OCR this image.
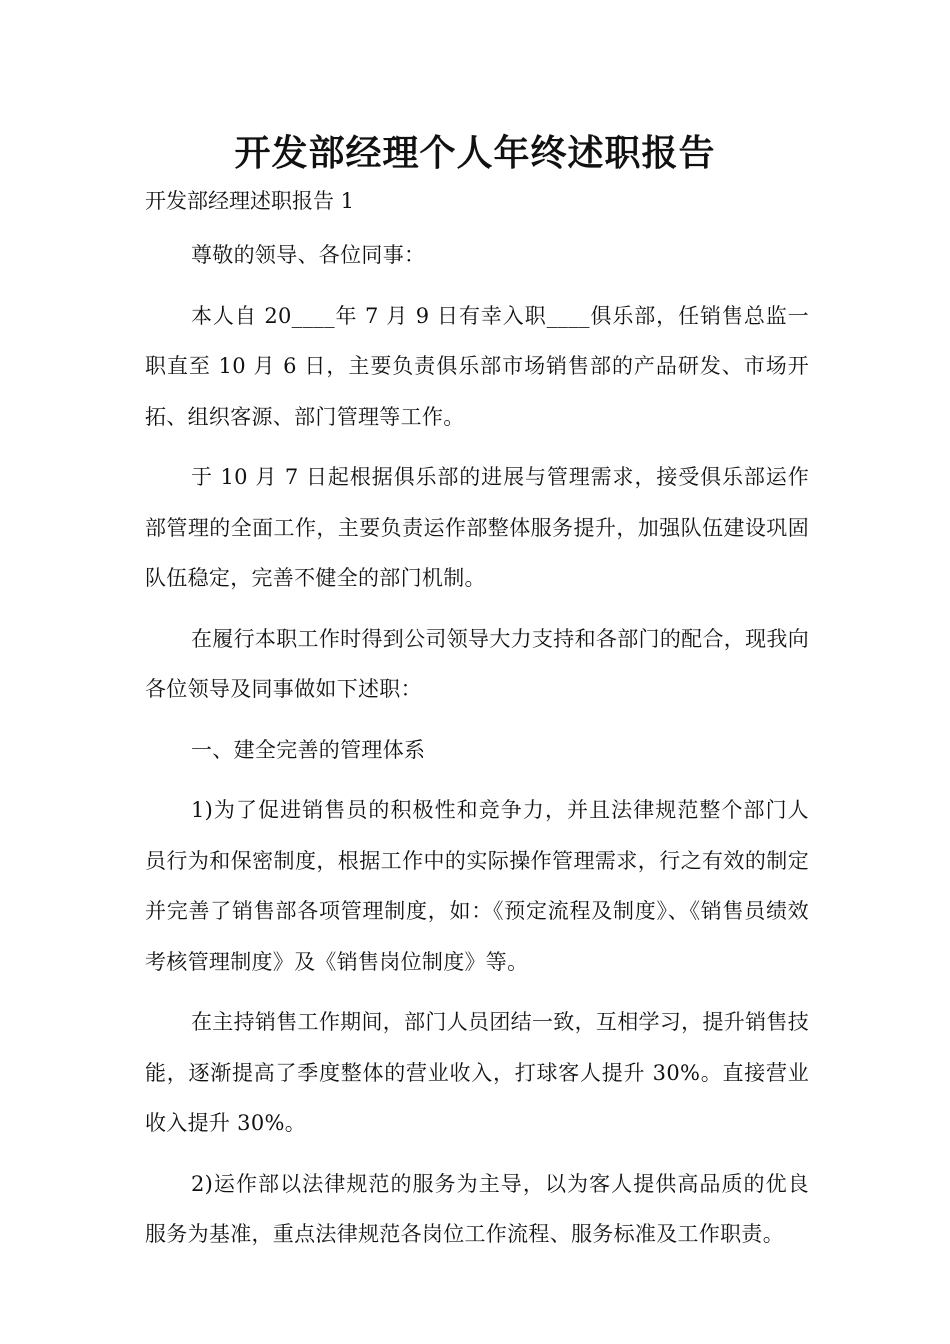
开发部经理个人年终述职报告
开发部经理述职报告 1

尊敬的领导、各位同事：

本人自 20____年 7 月 9 日有幸入职____俱乐部，任销售总监一职直至 10 月 6 日，主要负责俱乐部市场销售部的产品研发、市场开拓、组织客源、部门管理等工作。

于 10 月 7 日起根据俱乐部的进展与管理需求，接受俱乐部运作部管理的全面工作，主要负责运作部整体服务提升，加强队伍建设巩固队伍稳定，完善不健全的部门机制。

在履行本职工作时得到公司领导大力支持和各部门的配合，现我向各位领导及同事做如下述职：

一、建全完善的管理体系

1)为了促进销售员的积极性和竞争力，并且法律规范整个部门人员行为和保密制度，根据工作中的实际操作管理需求，行之有效的制定并完善了销售部各项管理制度，如：《预定流程及制度》、《销售员绩效考核管理制度》及《销售岗位制度》等。

在主持销售工作期间，部门人员团结一致，互相学习，提升销售技能，逐渐提高了季度整体的营业收入，打球客人提升 30%。直接营业收入提升 30%。

2)运作部以法律规范的服务为主导，以为客人提供高品质的优良服务为基准，重点法律规范各岗位工作流程、服务标准及工作职责。
